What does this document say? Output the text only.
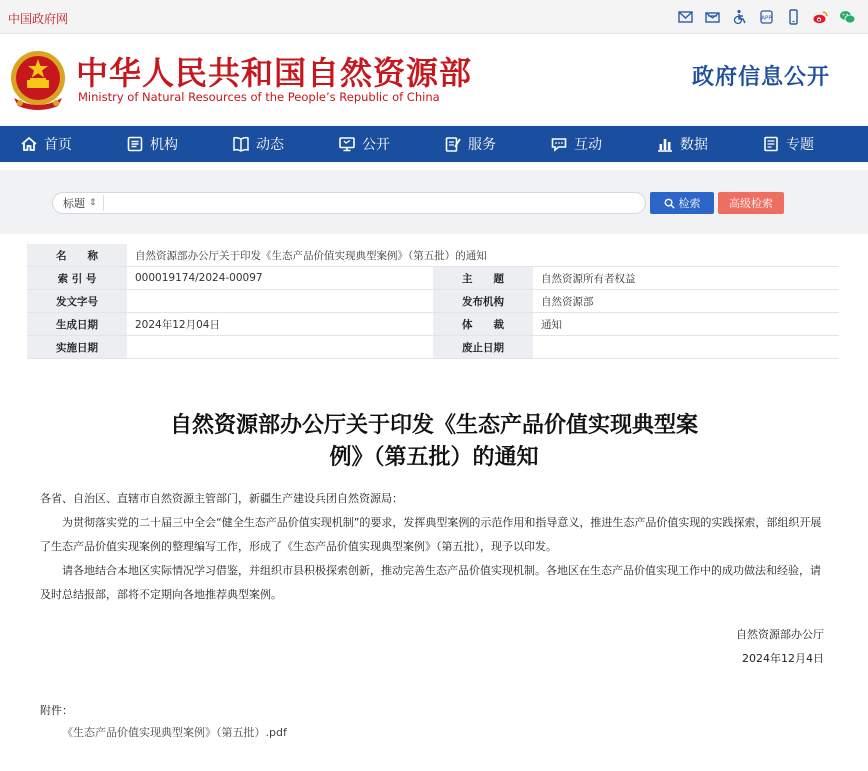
中国政府网	APP
中华人民共和国自然资源部
Ministry of Natural Resources of the People’s Republic of China
政府信息公开
首页	机构	动态	公开	服务	互动	数据	专题
标题 ⇕	检索	高级检索
名　　称	自然资源部办公厅关于印发《生态产品价值实现典型案例》（第五批）的通知		
索 引 号	000019174/2024-00097	主　　题	自然资源所有者权益
发文字号		发布机构	自然资源部
生成日期	2024年12月04日	体　　裁	通知
实施日期		废止日期	
自然资源部办公厅关于印发《生态产品价值实现典型案
例》（第五批）的通知

各省、自治区、直辖市自然资源主管部门，新疆生产建设兵团自然资源局：

为贯彻落实党的二十届三中全会“健全生态产品价值实现机制”的要求，发挥典型案例的示范作用和指导意义，推进生态产品价值实现的实践探索，部组织开展了生态产品价值实现案例的整理编写工作，形成了《生态产品价值实现典型案例》（第五批），现予以印发。

请各地结合本地区实际情况学习借鉴，并组织市县积极探索创新，推动完善生态产品价值实现机制。各地区在生态产品价值实现工作中的成功做法和经验，请及时总结报部，部将不定期向各地推荐典型案例。

自然资源部办公厅
2024年12月4日
附件：
《生态产品价值实现典型案例》（第五批）.pdf
